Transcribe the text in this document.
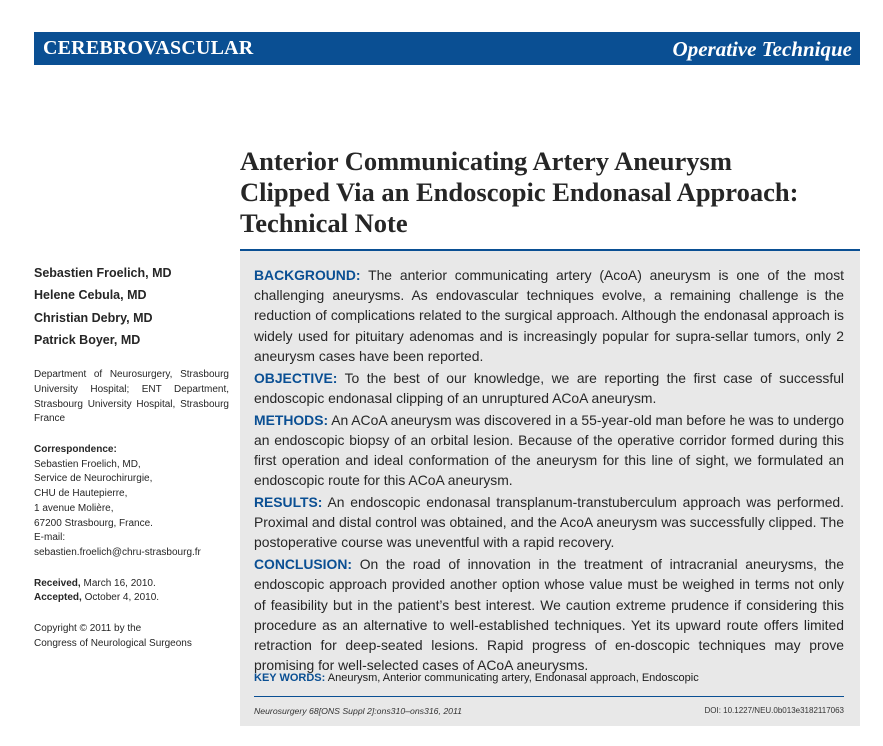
CEREBROVASCULAR	Operative Technique
Anterior Communicating Artery Aneurysm
Clipped Via an Endoscopic Endonasal Approach:
Technical Note
Sebastien Froelich, MD
Helene Cebula, MD
Christian Debry, MD
Patrick Boyer, MD
Department of Neurosurgery, Strasbourg University Hospital; ENT Department, Strasbourg University Hospital, Strasbourg France
Correspondence:
Sebastien Froelich, MD,
Service de Neurochirurgie,
CHU de Hautepierre,
1 avenue Molière,
67200 Strasbourg, France.
E-mail:
sebastien.froelich@chru-strasbourg.fr
Received, March 16, 2010.
Accepted, October 4, 2010.
Copyright © 2011 by the
Congress of Neurological Surgeons

BACKGROUND: The anterior communicating artery (AcoA) aneurysm is one of the most challenging aneurysms. As endovascular techniques evolve, a remaining challenge is the reduction of complications related to the surgical approach. Although the endonasal approach is widely used for pituitary adenomas and is increasingly popular for supra-sellar tumors, only 2 aneurysm cases have been reported.

OBJECTIVE: To the best of our knowledge, we are reporting the first case of successful endoscopic endonasal clipping of an unruptured ACoA aneurysm.

METHODS: An ACoA aneurysm was discovered in a 55-year-old man before he was to undergo an endoscopic biopsy of an orbital lesion. Because of the operative corridor formed during this first operation and ideal conformation of the aneurysm for this line of sight, we formulated an endoscopic route for this ACoA aneurysm.

RESULTS: An endoscopic endonasal transplanum-transtuberculum approach was performed. Proximal and distal control was obtained, and the AcoA aneurysm was successfully clipped. The postoperative course was uneventful with a rapid recovery.

CONCLUSION: On the road of innovation in the treatment of intracranial aneurysms, the endoscopic approach provided another option whose value must be weighed in terms not only of feasibility but in the patient’s best interest. We caution extreme prudence if considering this procedure as an alternative to well-established techniques. Yet its upward route offers limited retraction for deep-seated lesions. Rapid progress of en-doscopic techniques may prove promising for well-selected cases of ACoA aneurysms.

KEY WORDS: Aneurysm, Anterior communicating artery, Endonasal approach, Endoscopic
Neurosurgery 68[ONS Suppl 2]:ons310–ons316, 2011	DOI: 10.1227/NEU.0b013e3182117063
